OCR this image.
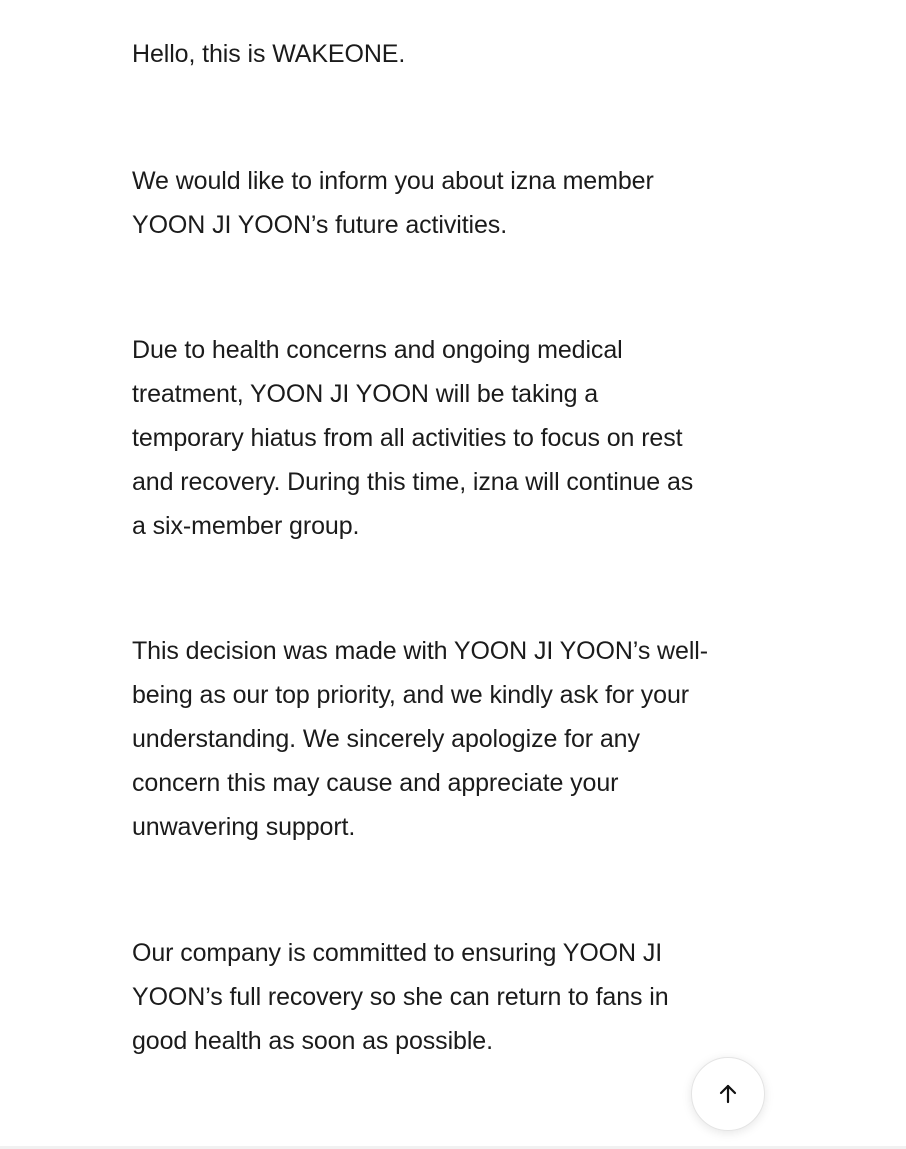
Hello, this is WAKEONE.

We would like to inform you about izna member
YOON JI YOON’s future activities.

Due to health concerns and ongoing medical
treatment, YOON JI YOON will be taking a
temporary hiatus from all activities to focus on rest
and recovery. During this time, izna will continue as
a six-member group.

This decision was made with YOON JI YOON’s well-
being as our top priority, and we kindly ask for your
understanding. We sincerely apologize for any
concern this may cause and appreciate your
unwavering support.

Our company is committed to ensuring YOON JI
YOON’s full recovery so she can return to fans in
good health as soon as possible.
